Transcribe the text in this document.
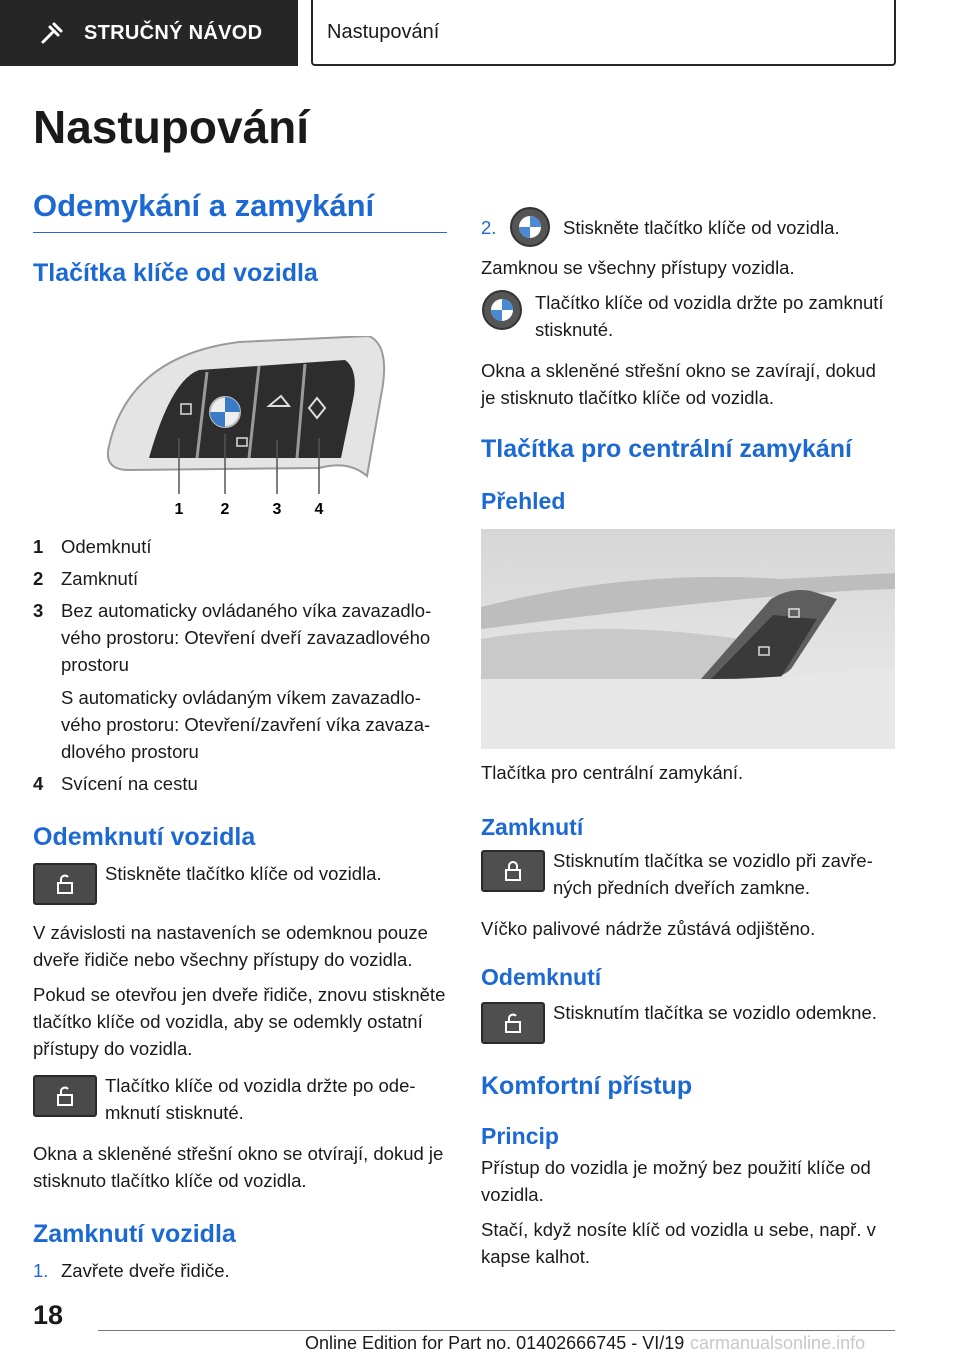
STRUČNÝ NÁVOD	Nastupování
Nastupování
Odemykání a zamykání
Tlačítka klíče od vozidla
1 2	3 4
1 Odemknutí
2 Zamknutí
3 Bez automaticky ovládaného víka zavazadlového prostoru: Otevření dveří zavazadlového prostoru
S automaticky ovládaným víkem zavazadlového prostoru: Otevření/zavření víka zavazadlového prostoru
4 Svícení na cestu
Odemknutí vozidla

Stiskněte tlačítko klíče od vozidla.

V závislosti na nastaveních se odemknou pouze dveře řidiče nebo všechny přístupy do vozidla.

Pokud se otevřou jen dveře řidiče, znovu stiskněte tlačítko klíče od vozidla, aby se odemkly ostatní přístupy do vozidla.

Tlačítko klíče od vozidla držte po odemknutí stisknuté.

Okna a skleněné střešní okno se otvírají, dokud je stisknuto tlačítko klíče od vozidla.

Zamknutí vozidla
1. Zavřete dveře řidiče.
2.	Stiskněte tlačítko klíče od vozidla.

Zamknou se všechny přístupy vozidla.

Tlačítko klíče od vozidla držte po zamknutí stisknuté.

Okna a skleněné střešní okno se zavírají, dokud je stisknuto tlačítko klíče od vozidla.

Tlačítka pro centrální zamykání
Přehled

Tlačítka pro centrální zamykání.

Zamknutí

Stisknutím tlačítka se vozidlo při zavřených předních dveřích zamkne.

Víčko palivové nádrže zůstává odjištěno.

Odemknutí

Stisknutím tlačítka se vozidlo odemkne.

Komfortní přístup
Princip

Přístup do vozidla je možný bez použití klíče od vozidla.

Stačí, když nosíte klíč od vozidla u sebe, např. v kapse kalhot.

18
Online Edition for Part no. 01402666745 - VI/19 carmanualsonline.info
